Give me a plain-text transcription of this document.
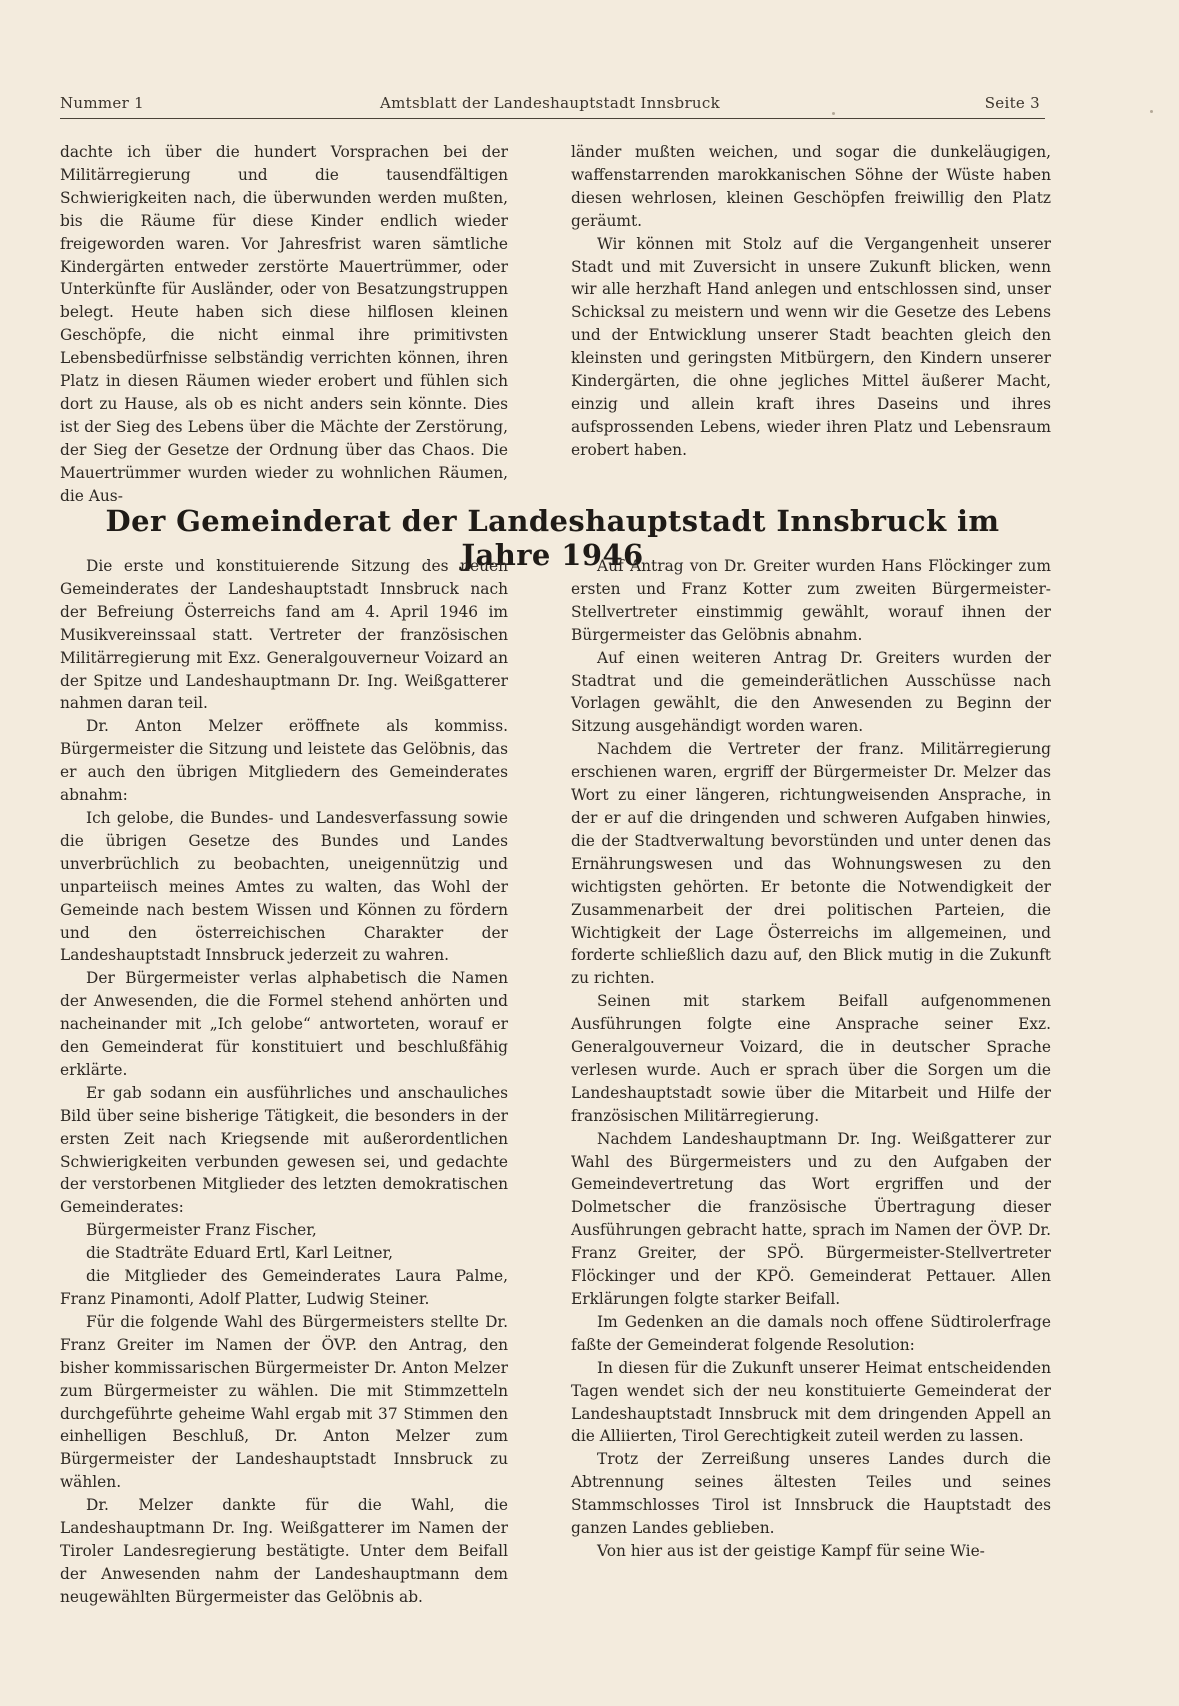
Nummer 1	Amtsblatt der Landeshauptstadt Innsbruck	Seite 3

dachte ich über die hundert Vorsprachen bei der Militärregierung und die tausendfältigen Schwierigkeiten nach, die überwunden werden mußten, bis die Räume für diese Kinder endlich wieder freigeworden waren. Vor Jahresfrist waren sämtliche Kindergärten entweder zerstörte Mauertrümmer, oder Unterkünfte für Ausländer, oder von Besatzungstruppen belegt. Heute haben sich diese hilflosen kleinen Geschöpfe, die nicht einmal ihre primitivsten Lebensbedürfnisse selbständig verrichten können, ihren Platz in diesen Räumen wieder erobert und fühlen sich dort zu Hause, als ob es nicht anders sein könnte. Dies ist der Sieg des Lebens über die Mächte der Zerstörung, der Sieg der Gesetze der Ordnung über das Chaos. Die Mauertrümmer wurden wieder zu wohnlichen Räumen, die Aus-

länder mußten weichen, und sogar die dunkeläugigen, waffenstarrenden marokkanischen Söhne der Wüste haben diesen wehrlosen, kleinen Geschöpfen freiwillig den Platz geräumt.

Wir können mit Stolz auf die Vergangenheit unserer Stadt und mit Zuversicht in unsere Zukunft blicken, wenn wir alle herzhaft Hand anlegen und entschlossen sind, unser Schicksal zu meistern und wenn wir die Gesetze des Lebens und der Entwicklung unserer Stadt beachten gleich den kleinsten und geringsten Mitbürgern, den Kindern unserer Kindergärten, die ohne jegliches Mittel äußerer Macht, einzig und allein kraft ihres Daseins und ihres aufsprossenden Lebens, wieder ihren Platz und Lebensraum erobert haben.

Der Gemeinderat der Landeshauptstadt Innsbruck im Jahre 1946

Die erste und konstituierende Sitzung des neuen Gemeinderates der Landeshauptstadt Innsbruck nach der Befreiung Österreichs fand am 4. April 1946 im Musikvereinssaal statt. Vertreter der französischen Militärregierung mit Exz. Generalgouverneur Voizard an der Spitze und Landeshauptmann Dr. Ing. Weißgatterer nahmen daran teil.

Dr. Anton Melzer eröffnete als kommiss. Bürgermeister die Sitzung und leistete das Gelöbnis, das er auch den übrigen Mitgliedern des Gemeinderates abnahm:

Ich gelobe, die Bundes- und Landesverfassung sowie die übrigen Gesetze des Bundes und Landes unverbrüchlich zu beobachten, uneigennützig und unparteiisch meines Amtes zu walten, das Wohl der Gemeinde nach bestem Wissen und Können zu fördern und den österreichischen Charakter der Landeshauptstadt Innsbruck jederzeit zu wahren.

Der Bürgermeister verlas alphabetisch die Namen der Anwesenden, die die Formel stehend anhörten und nacheinander mit „Ich gelobe“ antworteten, worauf er den Gemeinderat für konstituiert und beschlußfähig erklärte.

Er gab sodann ein ausführliches und anschauliches Bild über seine bisherige Tätigkeit, die besonders in der ersten Zeit nach Kriegsende mit außerordentlichen Schwierigkeiten verbunden gewesen sei, und gedachte der verstorbenen Mitglieder des letzten demokratischen Gemeinderates:

Bürgermeister Franz Fischer,

die Stadträte Eduard Ertl, Karl Leitner,

die Mitglieder des Gemeinderates Laura Palme, Franz Pinamonti, Adolf Platter, Ludwig Steiner.

Für die folgende Wahl des Bürgermeisters stellte Dr. Franz Greiter im Namen der ÖVP. den Antrag, den bisher kommissarischen Bürgermeister Dr. Anton Melzer zum Bürgermeister zu wählen. Die mit Stimmzetteln durchgeführte geheime Wahl ergab mit 37 Stimmen den einhelligen Beschluß, Dr. Anton Melzer zum Bürgermeister der Landeshauptstadt Innsbruck zu wählen.

Dr. Melzer dankte für die Wahl, die Landeshauptmann Dr. Ing. Weißgatterer im Namen der Tiroler Landesregierung bestätigte. Unter dem Beifall der Anwesenden nahm der Landeshauptmann dem neugewählten Bürgermeister das Gelöbnis ab.

Auf Antrag von Dr. Greiter wurden Hans Flöckinger zum ersten und Franz Kotter zum zweiten Bürgermeister-Stellvertreter einstimmig gewählt, worauf ihnen der Bürgermeister das Gelöbnis abnahm.

Auf einen weiteren Antrag Dr. Greiters wurden der Stadtrat und die gemeinderätlichen Ausschüsse nach Vorlagen gewählt, die den Anwesenden zu Beginn der Sitzung ausgehändigt worden waren.

Nachdem die Vertreter der franz. Militärregierung erschienen waren, ergriff der Bürgermeister Dr. Melzer das Wort zu einer längeren, richtungweisenden Ansprache, in der er auf die dringenden und schweren Aufgaben hinwies, die der Stadtverwaltung bevorstünden und unter denen das Ernährungswesen und das Wohnungswesen zu den wichtigsten gehörten. Er betonte die Notwendigkeit der Zusammenarbeit der drei politischen Parteien, die Wichtigkeit der Lage Österreichs im allgemeinen, und forderte schließlich dazu auf, den Blick mutig in die Zukunft zu richten.

Seinen mit starkem Beifall aufgenommenen Ausführungen folgte eine Ansprache seiner Exz. Generalgouverneur Voizard, die in deutscher Sprache verlesen wurde. Auch er sprach über die Sorgen um die Landeshauptstadt sowie über die Mitarbeit und Hilfe der französischen Militärregierung.

Nachdem Landeshauptmann Dr. Ing. Weißgatterer zur Wahl des Bürgermeisters und zu den Aufgaben der Gemeindevertretung das Wort ergriffen und der Dolmetscher die französische Übertragung dieser Ausführungen gebracht hatte, sprach im Namen der ÖVP. Dr. Franz Greiter, der SPÖ. Bürgermeister-Stellvertreter Flöckinger und der KPÖ. Gemeinderat Pettauer. Allen Erklärungen folgte starker Beifall.

Im Gedenken an die damals noch offene Südtirolerfrage faßte der Gemeinderat folgende Resolution:

In diesen für die Zukunft unserer Heimat entscheidenden Tagen wendet sich der neu konstituierte Gemeinderat der Landeshauptstadt Innsbruck mit dem dringenden Appell an die Alliierten, Tirol Gerechtigkeit zuteil werden zu lassen.

Trotz der Zerreißung unseres Landes durch die Abtrennung seines ältesten Teiles und seines Stammschlosses Tirol ist Innsbruck die Hauptstadt des ganzen Landes geblieben.

Von hier aus ist der geistige Kampf für seine Wie-
